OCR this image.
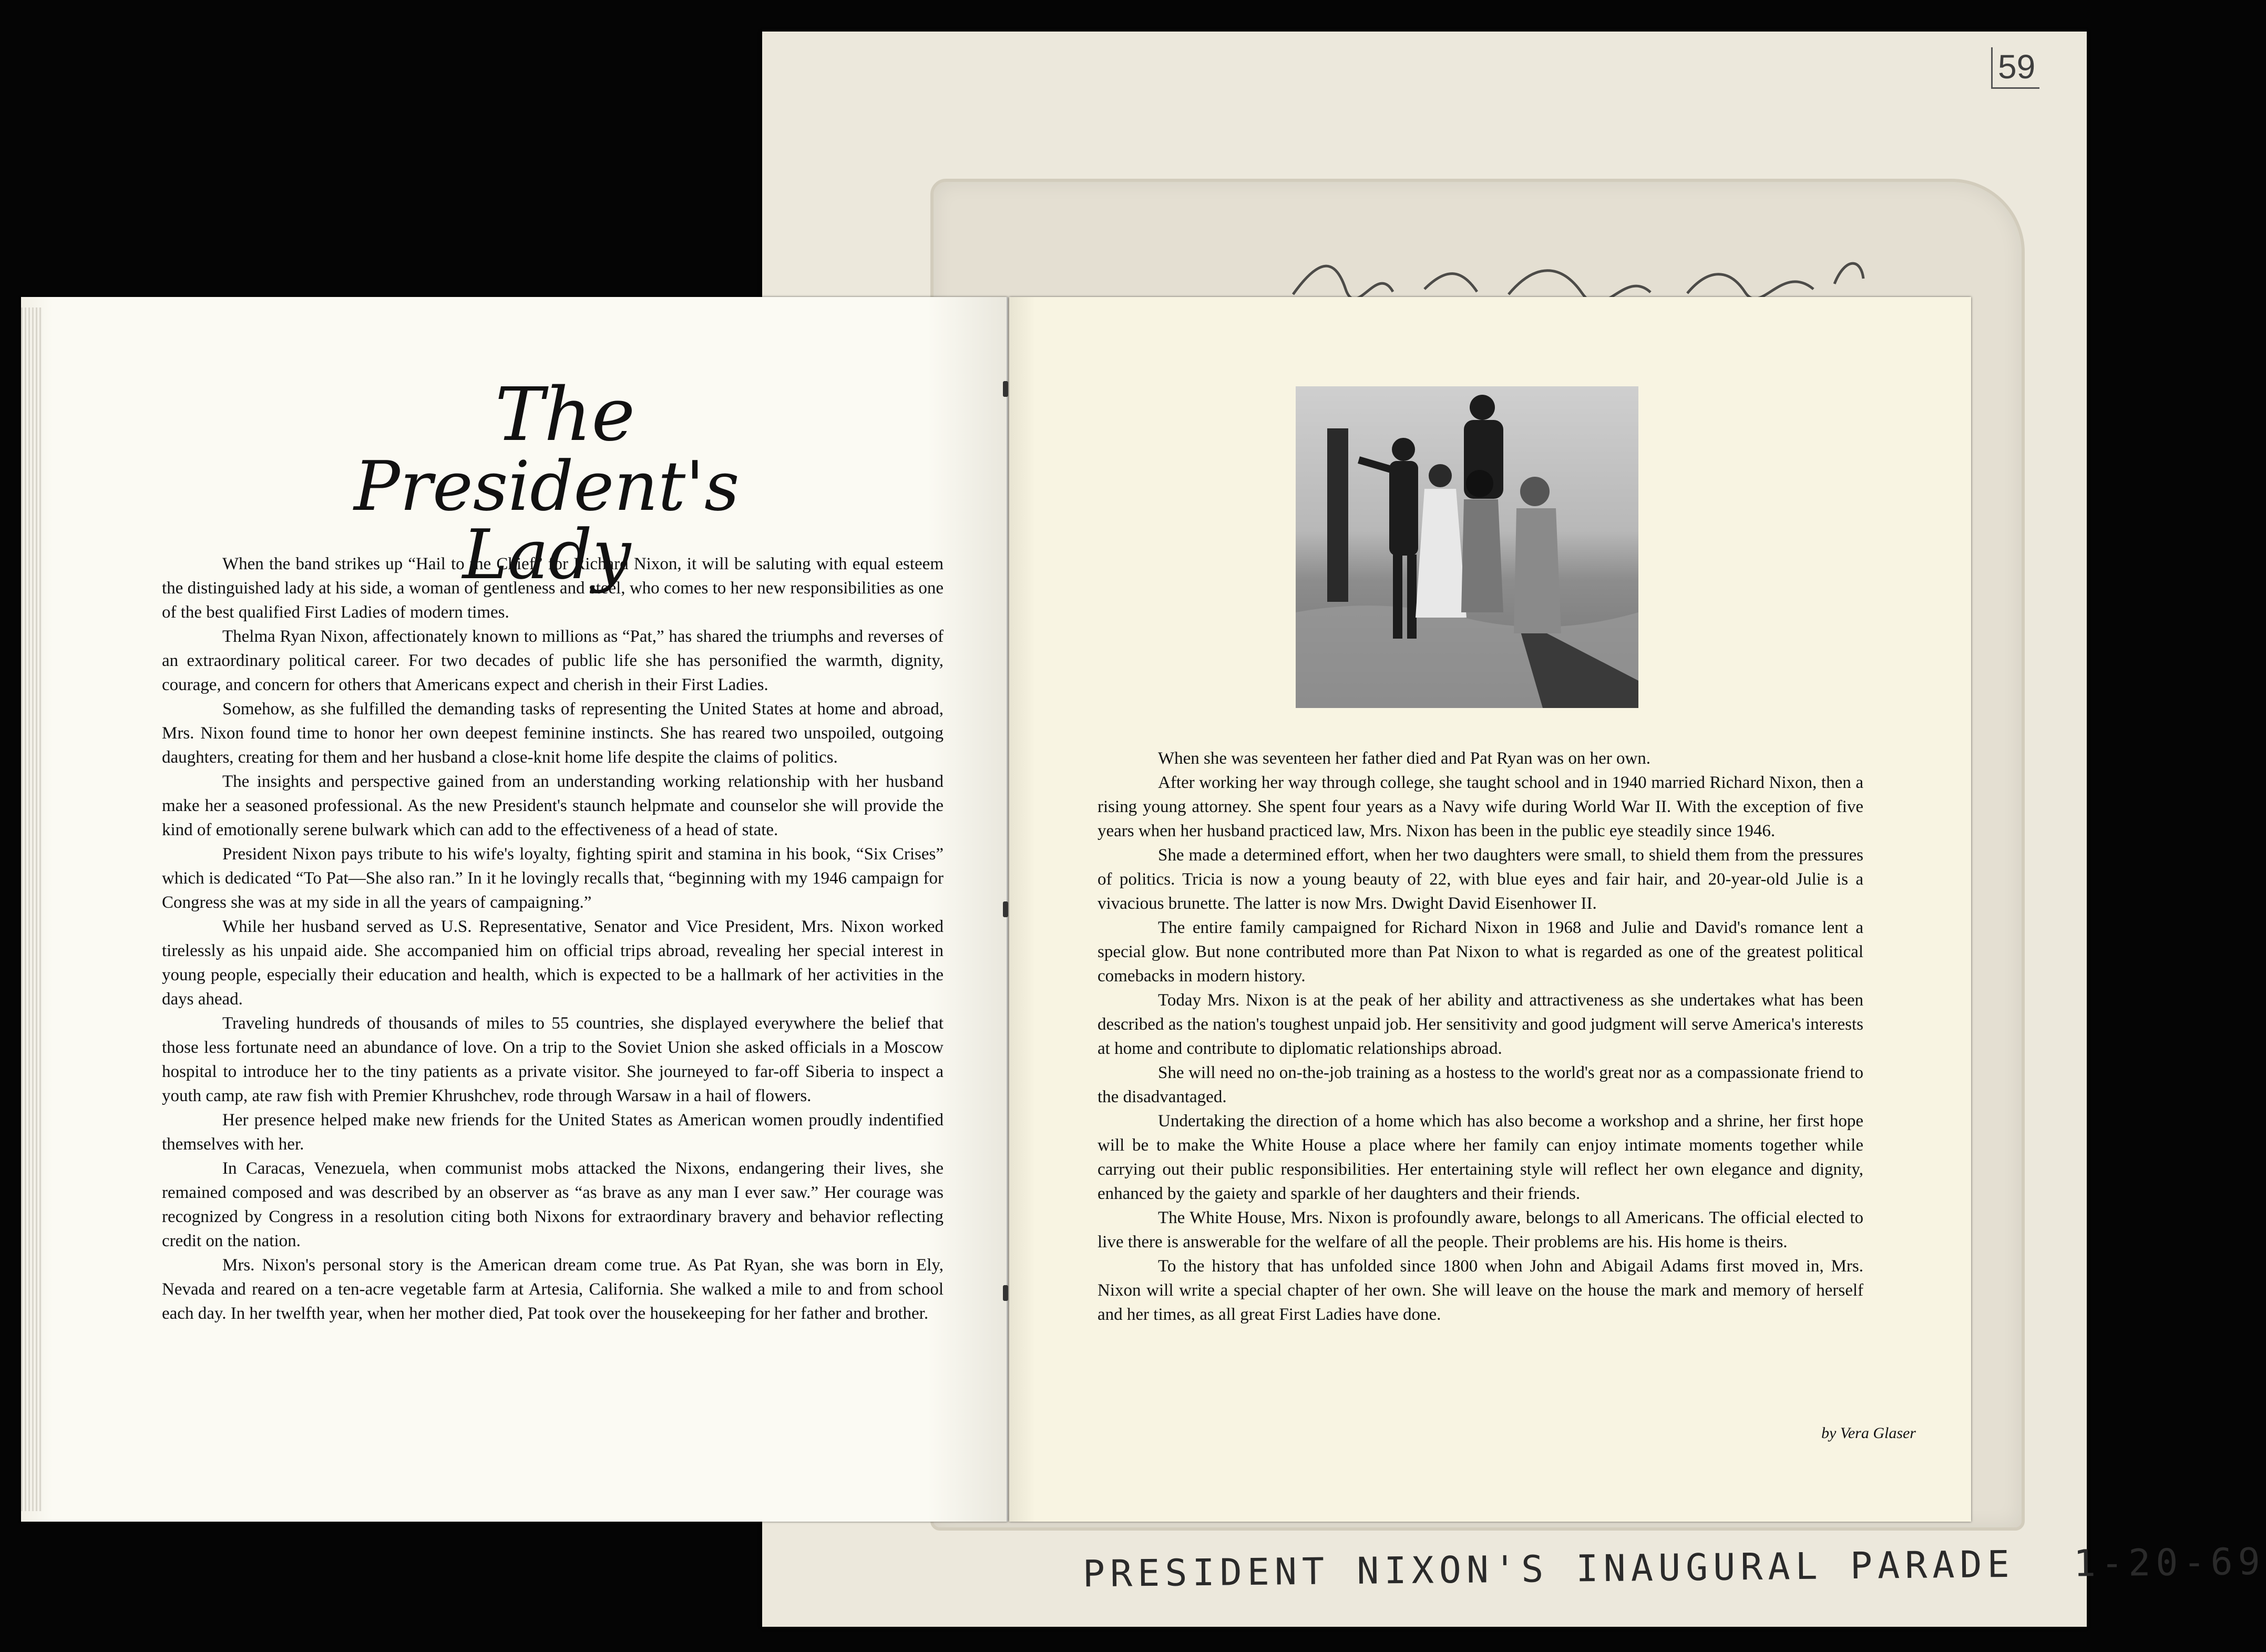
59
PRESIDENT NIXON'S INAUGURAL PARADE 1-20-69
The
President's Lady

When the band strikes up “Hail to the Chief” for Richard Nixon, it will be saluting with equal esteem the distinguished lady at his side, a woman of gentleness and steel, who comes to her new responsibilities as one of the best qualified First Ladies of modern times.

Thelma Ryan Nixon, affectionately known to millions as “Pat,” has shared the triumphs and reverses of an extraordinary political career. For two decades of public life she has personified the warmth, dignity, courage, and concern for others that Americans expect and cherish in their First Ladies.

Somehow, as she fulfilled the demanding tasks of representing the United States at home and abroad, Mrs. Nixon found time to honor her own deepest feminine instincts. She has reared two unspoiled, outgoing daughters, creating for them and her husband a close-knit home life despite the claims of politics.

The insights and perspective gained from an understanding working relationship with her husband make her a seasoned professional. As the new President's staunch helpmate and counselor she will provide the kind of emotionally serene bulwark which can add to the effectiveness of a head of state.

President Nixon pays tribute to his wife's loyalty, fighting spirit and stamina in his book, “Six Crises” which is dedicated “To Pat—She also ran.” In it he lovingly recalls that, “beginning with my 1946 campaign for Congress she was at my side in all the years of campaigning.”

While her husband served as U.S. Representative, Senator and Vice President, Mrs. Nixon worked tirelessly as his unpaid aide. She accompanied him on official trips abroad, revealing her special interest in young people, especially their education and health, which is expected to be a hallmark of her activities in the days ahead.

Traveling hundreds of thousands of miles to 55 countries, she displayed everywhere the belief that those less fortunate need an abundance of love. On a trip to the Soviet Union she asked officials in a Moscow hospital to introduce her to the tiny patients as a private visitor. She journeyed to far-off Siberia to inspect a youth camp, ate raw fish with Premier Khrushchev, rode through Warsaw in a hail of flowers.

Her presence helped make new friends for the United States as American women proudly indentified themselves with her.

In Caracas, Venezuela, when communist mobs attacked the Nixons, endangering their lives, she remained composed and was described by an observer as “as brave as any man I ever saw.” Her courage was recognized by Congress in a resolution citing both Nixons for extraordinary bravery and behavior reflecting credit on the nation.

Mrs. Nixon's personal story is the American dream come true. As Pat Ryan, she was born in Ely, Nevada and reared on a ten-acre vegetable farm at Artesia, California. She walked a mile to and from school each day. In her twelfth year, when her mother died, Pat took over the housekeeping for her father and brother.

When she was seventeen her father died and Pat Ryan was on her own.

After working her way through college, she taught school and in 1940 married Richard Nixon, then a rising young attorney. She spent four years as a Navy wife during World War II. With the exception of five years when her husband practiced law, Mrs. Nixon has been in the public eye steadily since 1946.

She made a determined effort, when her two daughters were small, to shield them from the pressures of politics. Tricia is now a young beauty of 22, with blue eyes and fair hair, and 20-year-old Julie is a vivacious brunette. The latter is now Mrs. Dwight David Eisenhower II.

The entire family campaigned for Richard Nixon in 1968 and Julie and David's romance lent a special glow. But none contributed more than Pat Nixon to what is regarded as one of the greatest political comebacks in modern history.

Today Mrs. Nixon is at the peak of her ability and attractiveness as she undertakes what has been described as the nation's toughest unpaid job. Her sensitivity and good judgment will serve America's interests at home and contribute to diplomatic relationships abroad.

She will need no on-the-job training as a hostess to the world's great nor as a compassionate friend to the disadvantaged.

Undertaking the direction of a home which has also become a workshop and a shrine, her first hope will be to make the White House a place where her family can enjoy intimate moments together while carrying out their public responsibilities. Her entertaining style will reflect her own elegance and dignity, enhanced by the gaiety and sparkle of her daughters and their friends.

The White House, Mrs. Nixon is profoundly aware, belongs to all Americans. The official elected to live there is answerable for the welfare of all the people. Their problems are his. His home is theirs.

To the history that has unfolded since 1800 when John and Abigail Adams first moved in, Mrs. Nixon will write a special chapter of her own. She will leave on the house the mark and memory of herself and her times, as all great First Ladies have done.

by Vera Glaser
